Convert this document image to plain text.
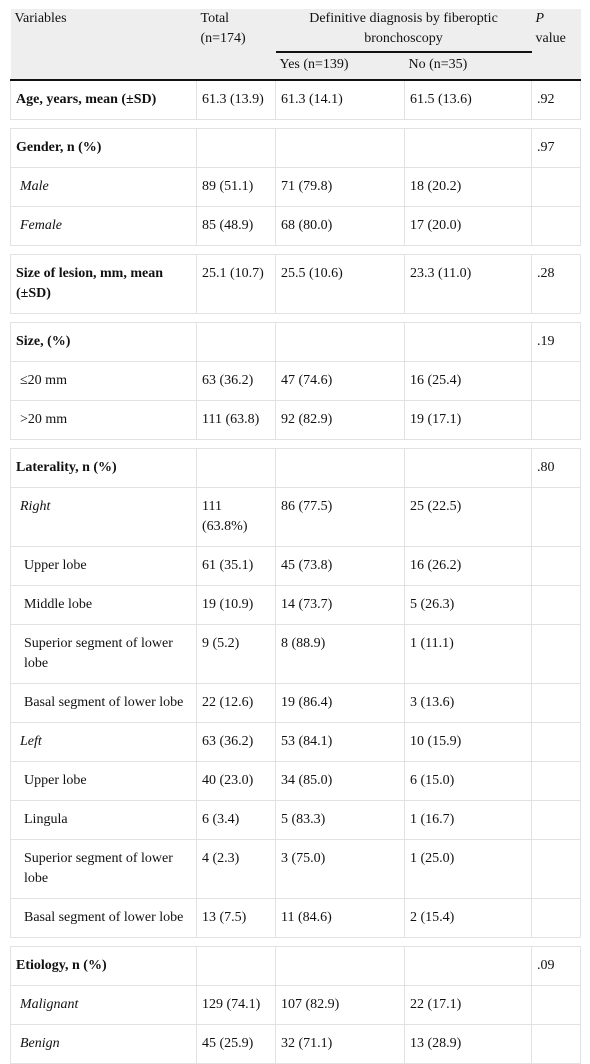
Variables	Total (n=174)	Definitive diagnosis by fiberoptic bronchoscopy		P value
		Yes (n=139)	No (n=35)	
Age, years, mean (±SD)	61.3 (13.9)	61.3 (14.1)	61.5 (13.6)	.92

Gender, n (%)				.97
Male	89 (51.1)	71 (79.8)	18 (20.2)	
Female	85 (48.9)	68 (80.0)	17 (20.0)	

Size of lesion, mm, mean (±SD)	25.1 (10.7)	25.5 (10.6)	23.3 (11.0)	.28

Size, (%)				.19
≤20 mm	63 (36.2)	47 (74.6)	16 (25.4)	
>20 mm	111 (63.8)	92 (82.9)	19 (17.1)	

Laterality, n (%)				.80
Right	111 (63.8%)	86 (77.5)	25 (22.5)	
Upper lobe	61 (35.1)	45 (73.8)	16 (26.2)	
Middle lobe	19 (10.9)	14 (73.7)	5 (26.3)	

Superior segment of lower lobe	9 (5.2)	8 (88.9)	1 (11.1)	

Basal segment of lower lobe	22 (12.6)	19 (86.4)	3 (13.6)	
Left	63 (36.2)	53 (84.1)	10 (15.9)	
Upper lobe	40 (23.0)	34 (85.0)	6 (15.0)	
Lingula	6 (3.4)	5 (83.3)	1 (16.7)	

Superior segment of lower lobe	4 (2.3)	3 (75.0)	1 (25.0)	

Basal segment of lower lobe	13 (7.5)	11 (84.6)	2 (15.4)	

Etiology, n (%)				.09
Malignant	129 (74.1)	107 (82.9)	22 (17.1)	
Benign	45 (25.9)	32 (71.1)	13 (28.9)	
